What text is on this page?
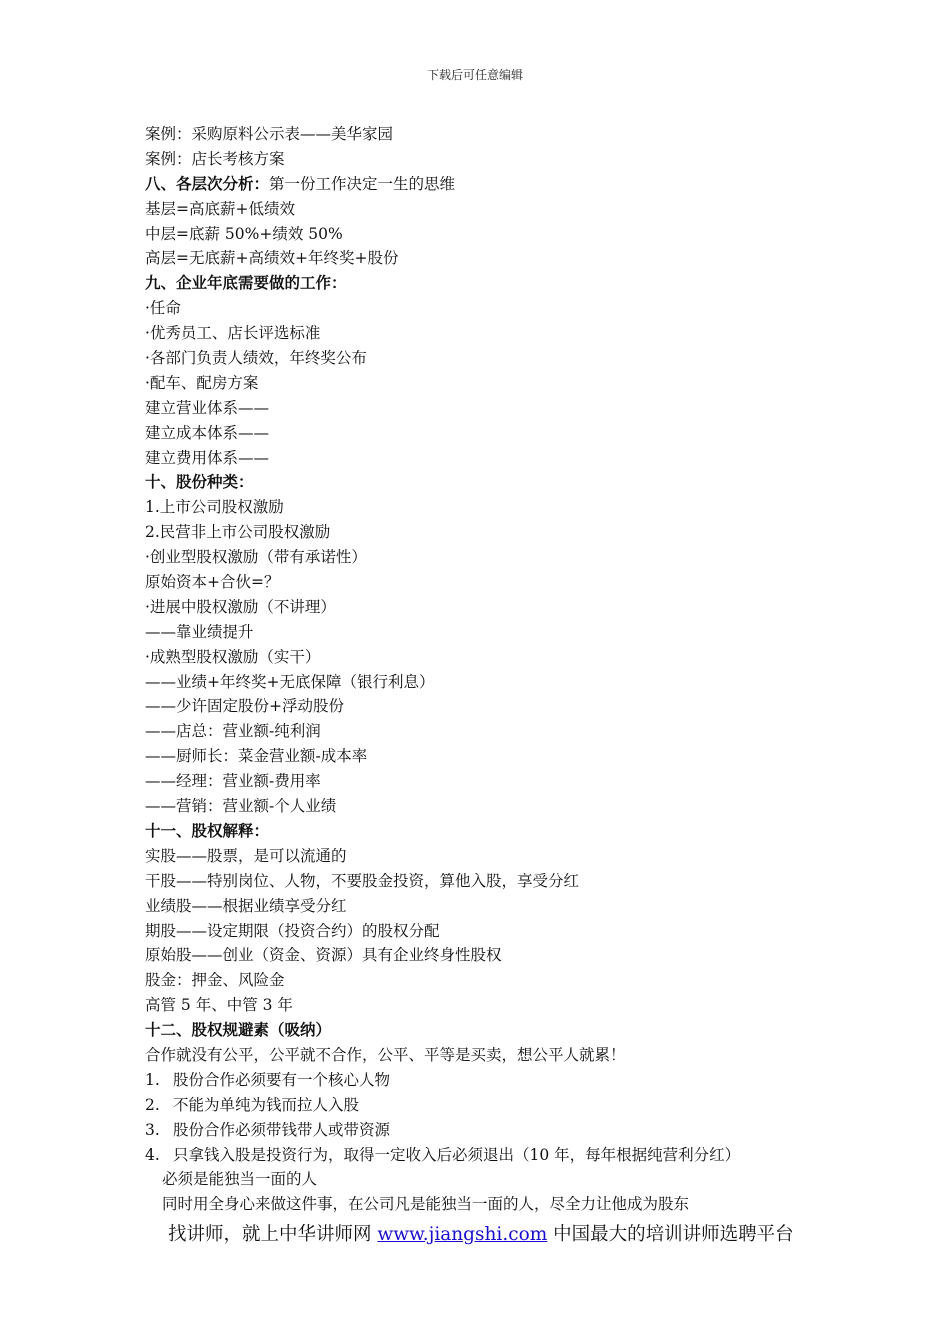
下载后可任意编辑
案例：采购原料公示表——美华家园
案例：店长考核方案
八、各层次分析：第一份工作决定一生的思维
基层=高底薪+低绩效
中层=底薪 50%+绩效 50%
高层=无底薪+高绩效+年终奖+股份
九、企业年底需要做的工作：
·任命
·优秀员工、店长评选标准
·各部门负责人绩效，年终奖公布
·配车、配房方案
建立营业体系——
建立成本体系——
建立费用体系——
十、股份种类：
1.上市公司股权激励
2.民营非上市公司股权激励
·创业型股权激励（带有承诺性）
原始资本+合伙=？
·进展中股权激励（不讲理）
——靠业绩提升
·成熟型股权激励（实干）
——业绩+年终奖+无底保障（银行利息）
——少许固定股份+浮动股份
——店总：营业额-纯利润
——厨师长：菜金营业额-成本率
——经理：营业额-费用率
——营销：营业额-个人业绩
十一、股权解释：
实股——股票，是可以流通的
干股——特别岗位、人物，不要股金投资，算他入股，享受分红
业绩股——根据业绩享受分红
期股——设定期限（投资合约）的股权分配
原始股——创业（资金、资源）具有企业终身性股权
股金：押金、风险金
高管 5 年、中管 3 年
十二、股权规避素（吸纳）
合作就没有公平，公平就不合作，公平、平等是买卖，想公平人就累！
1. 股份合作必须要有一个核心人物
2. 不能为单纯为钱而拉人入股
3. 股份合作必须带钱带人或带资源
4. 只拿钱入股是投资行为，取得一定收入后必须退出（10 年，每年根据纯营利分红）
必须是能独当一面的人
同时用全身心来做这件事，在公司凡是能独当一面的人，尽全力让他成为股东
找讲师，就上中华讲师网 www.jiangshi.com 中国最大的培训讲师选聘平台
